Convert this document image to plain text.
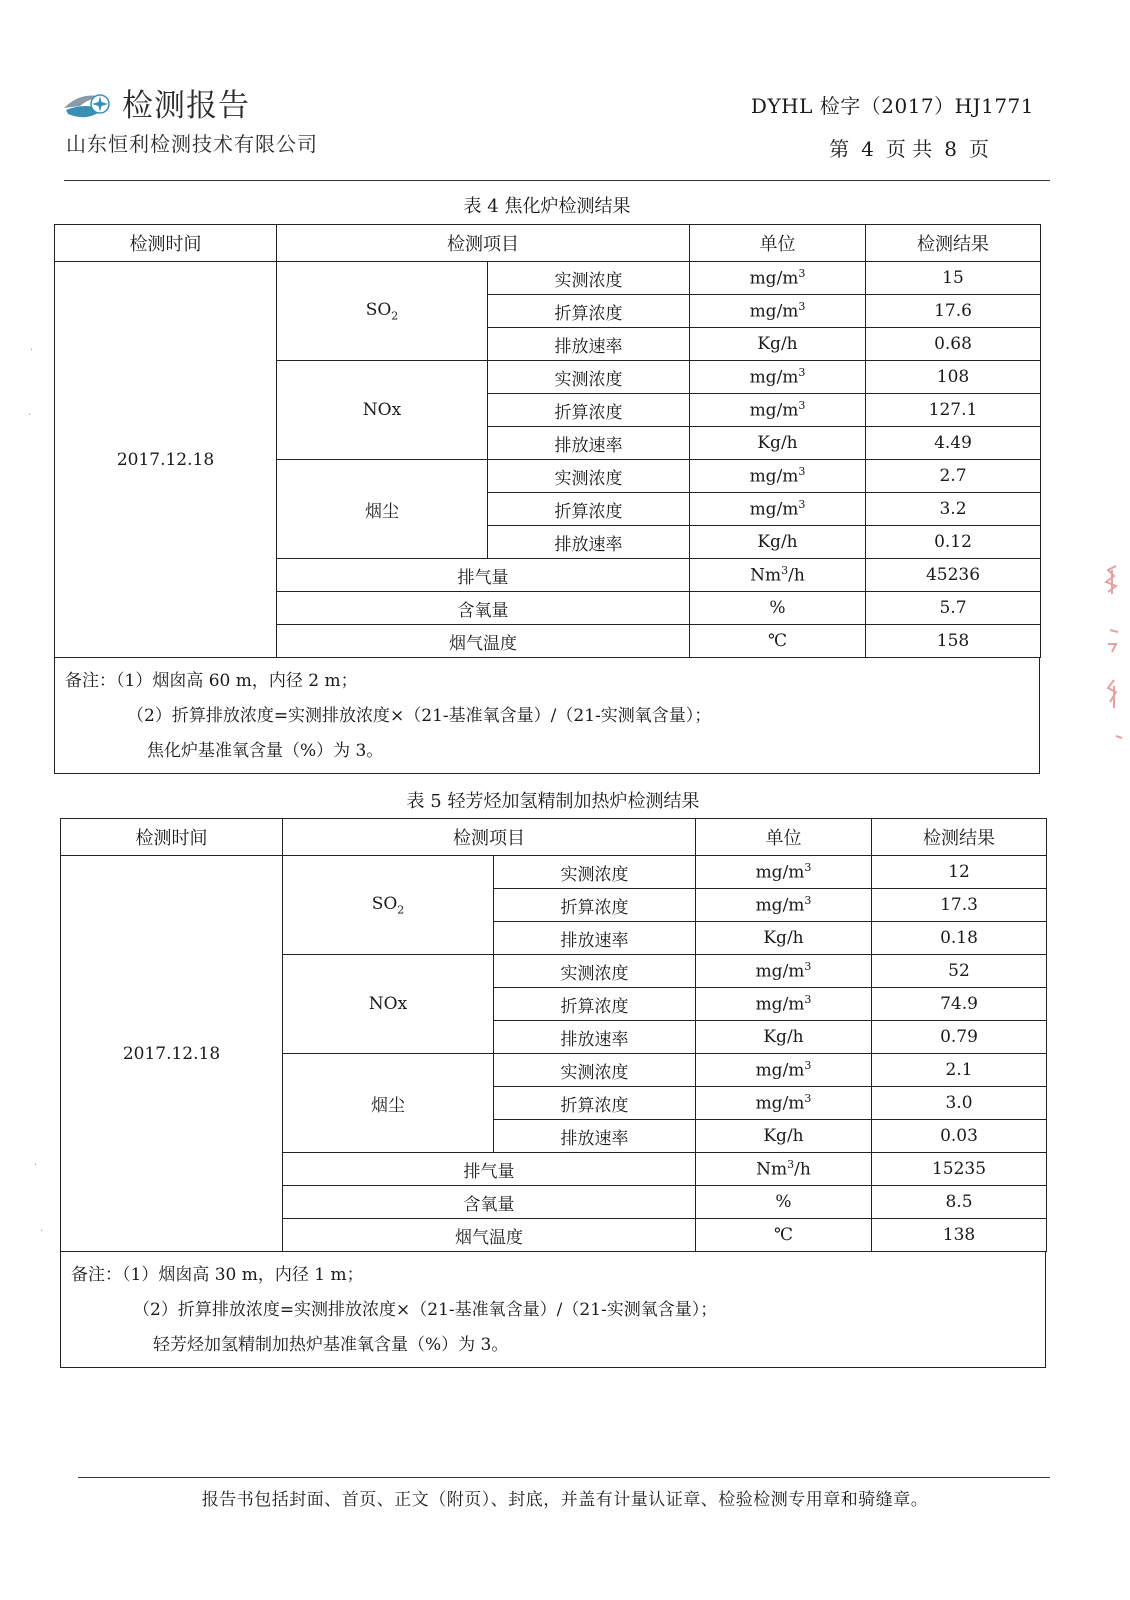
检测报告
山东恒利检测技术有限公司
DYHL 检字（2017）HJ1771
第 4 页 共 8 页
表 4 焦化炉检测结果
检测时间	检测项目		单位	检测结果
2017.12.18	$SO_2$	实测浓度	$mg/m^3$	15
		折算浓度	$mg/m^3$	17.6
		排放速率	Kg/h	0.68
	NOx	实测浓度	$mg/m^3$	108
		折算浓度	$mg/m^3$	127.1
		排放速率	Kg/h	4.49
	烟尘	实测浓度	$mg/m^3$	2.7
		折算浓度	$mg/m^3$	3.2
		排放速率	Kg/h	0.12
	排气量		Nm$^3$/h	45236
	含氧量		%	5.7
	烟气温度		℃	158
备注：（1）烟囱高 60 m，内径 2 m；
（2）折算排放浓度=实测排放浓度×（21-基准氧含量）/（21-实测氧含量）；
焦化炉基准氧含量（%）为 3。
表 5 轻芳烃加氢精制加热炉检测结果
检测时间	检测项目		单位	检测结果
2017.12.18	$SO_2$	实测浓度	$mg/m^3$	12
		折算浓度	$mg/m^3$	17.3
		排放速率	Kg/h	0.18
	NOx	实测浓度	$mg/m^3$	52
		折算浓度	$mg/m^3$	74.9
		排放速率	Kg/h	0.79
	烟尘	实测浓度	$mg/m^3$	2.1
		折算浓度	$mg/m^3$	3.0
		排放速率	Kg/h	0.03
	排气量		Nm$^3$/h	15235
	含氧量		%	8.5
	烟气温度		℃	138
备注：（1）烟囱高 30 m，内径 1 m；
（2）折算排放浓度=实测排放浓度×（21-基准氧含量）/（21-实测氧含量）；
轻芳烃加氢精制加热炉基准氧含量（%）为 3。
报告书包括封面、首页、正文（附页）、封底，并盖有计量认证章、检验检测专用章和骑缝章。
·
·
·
·
